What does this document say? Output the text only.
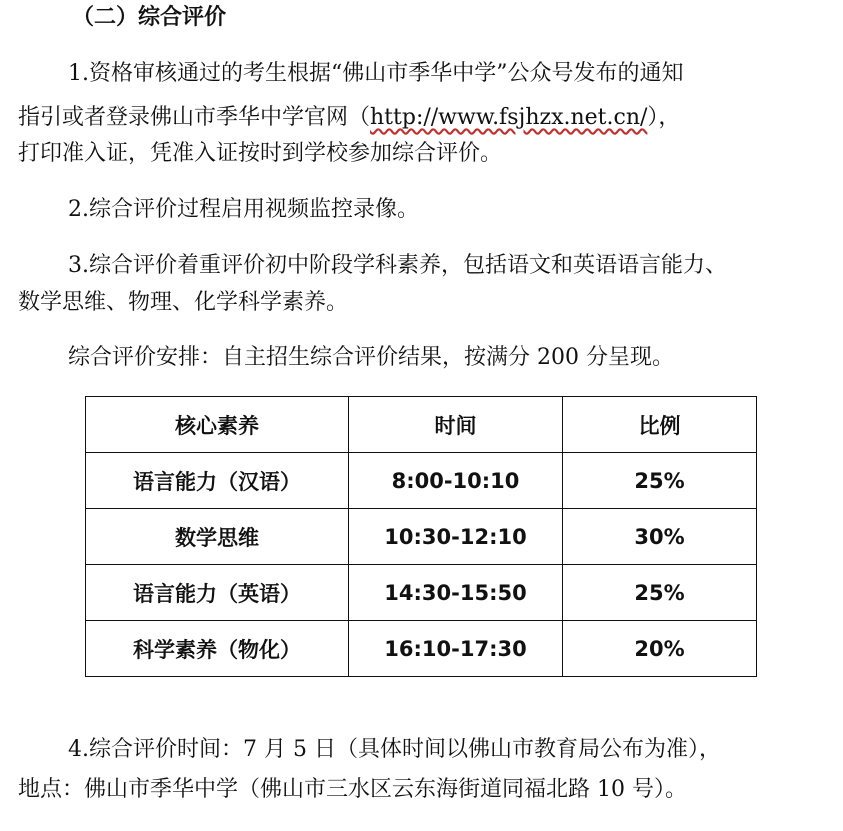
（二）综合评价
1.资格审核通过的考生根据“佛山市季华中学”公众号发布的通知
指引或者登录佛山市季华中学官网（http://www.fsjhzx.net.cn/），
打印准入证，凭准入证按时到学校参加综合评价。
2.综合评价过程启用视频监控录像。
3.综合评价着重评价初中阶段学科素养，包括语文和英语语言能力、
数学思维、物理、化学科学素养。
综合评价安排：自主招生综合评价结果，按满分 200 分呈现。
核心素养	时间	比例
语言能力（汉语）	8:00-10:10	25%
数学思维	10:30-12:10	30%
语言能力（英语）	14:30-15:50	25%
科学素养（物化）	16:10-17:30	20%
4.综合评价时间：7 月 5 日（具体时间以佛山市教育局公布为准），
地点：佛山市季华中学（佛山市三水区云东海街道同福北路 10 号）。
